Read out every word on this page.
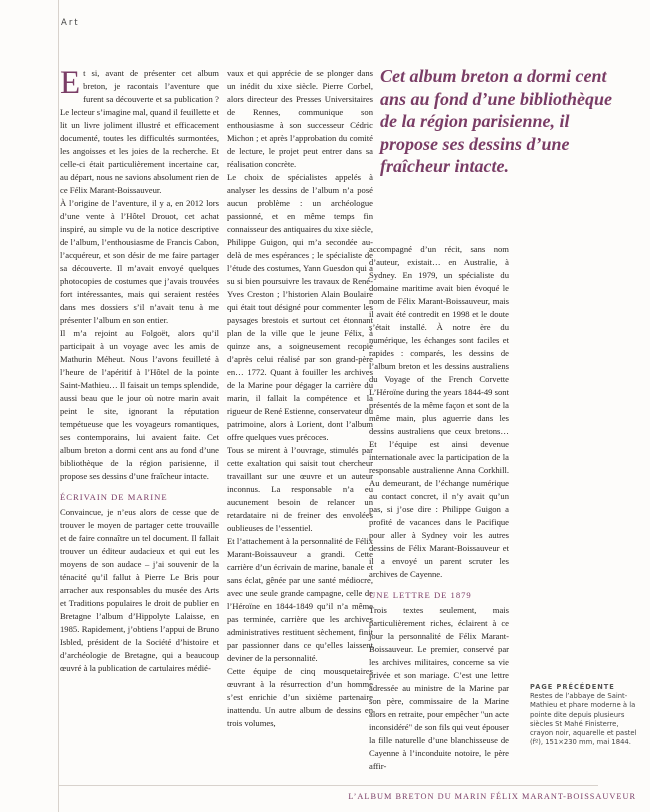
Art

Cet album breton a dormi cent ans au fond d’une bibliothèque de la région parisienne, il propose ses dessins d’une fraîcheur intacte.

Et si, avant de présenter cet album breton, je racontais l’aventure que furent sa découverte et sa publication ? Le lecteur s’imagine mal, quand il feuillette et lit un livre joliment illustré et efficacement documenté, toutes les difficultés surmontées, les angoisses et les joies de la recherche. Et celle-ci était particulièrement incertaine car, au départ, nous ne savions absolument rien de ce Félix Marant-Boissauveur.

À l’origine de l’aventure, il y a, en 2012 lors d’une vente à l’Hôtel Drouot, cet achat inspiré, au simple vu de la notice descriptive de l’album, l’enthousiasme de Francis Cabon, l’acquéreur, et son désir de me faire partager sa découverte. Il m’avait envoyé quelques photocopies de costumes que j’avais trouvées fort intéressantes, mais qui seraient restées dans mes dossiers s’il n’avait tenu à me présenter l’album en son entier.

Il m’a rejoint au Folgoët, alors qu’il participait à un voyage avec les amis de Mathurin Méheut. Nous l’avons feuilleté à l’heure de l’apéritif à l’Hôtel de la pointe Saint-Mathieu… Il faisait un temps splendide, aussi beau que le jour où notre marin avait peint le site, ignorant la réputation tempétueuse que les voyageurs romantiques, ses contemporains, lui avaient faite. Cet album breton a dormi cent ans au fond d’une bibliothèque de la région parisienne, il propose ses dessins d’une fraîcheur intacte.

ÉCRIVAIN DE MARINE

Convaincue, je n’eus alors de cesse que de trouver le moyen de partager cette trouvaille et de faire connaître un tel document. Il fallait trouver un éditeur audacieux et qui eut les moyens de son audace – j’ai souvenir de la ténacité qu’il fallut à Pierre Le Bris pour arracher aux responsables du musée des Arts et Traditions populaires le droit de publier en Bretagne l’album d’Hippolyte Lalaisse, en 1985. Rapidement, j’obtiens l’appui de Bruno Isbled, président de la Société d’histoire et d’archéologie de Bretagne, qui a beaucoup œuvré à la publication de cartulaires médié-

vaux et qui apprécie de se plonger dans un inédit du xixe siècle. Pierre Corbel, alors directeur des Presses Universitaires de Rennes, communique son enthousiasme à son successeur Cédric Michon ; et après l’approbation du comité de lecture, le projet peut entrer dans sa réalisation concrète.

Le choix de spécialistes appelés à analyser les dessins de l’album n’a posé aucun problème : un archéologue passionné, et en même temps fin connaisseur des antiquaires du xixe siècle, Philippe Guigon, qui m’a secondée au-delà de mes espérances ; le spécialiste de l’étude des costumes, Yann Guesdon qui a su si bien poursuivre les travaux de René-Yves Creston ; l’historien Alain Boulaire qui était tout désigné pour commenter les paysages brestois et surtout cet étonnant plan de la ville que le jeune Félix, à quinze ans, a soigneusement recopié d’après celui réalisé par son grand-père en… 1772. Quant à fouiller les archives de la Marine pour dégager la carrière du marin, il fallait la compétence et la rigueur de René Estienne, conservateur du patrimoine, alors à Lorient, dont l’album offre quelques vues précoces.

Tous se mirent à l’ouvrage, stimulés par cette exaltation qui saisit tout chercheur travaillant sur une œuvre et un auteur inconnus. La responsable n’a eu aucunement besoin de relancer un retardataire ni de freiner des envolées oublieuses de l’essentiel.

Et l’attachement à la personnalité de Félix Marant-Boissauveur a grandi. Cette carrière d’un écrivain de marine, banale et sans éclat, gênée par une santé médiocre, avec une seule grande campagne, celle de l’Héroïne en 1844-1849 qu’il n’a même pas terminée, carrière que les archives administratives restituent sèchement, finit par passionner dans ce qu’elles laissent deviner de la personnalité.

Cette équipe de cinq mousquetaires œuvrant à la résurrection d’un homme s’est enrichie d’un sixième partenaire inattendu. Un autre album de dessins en trois volumes,

accompagné d’un récit, sans nom d’auteur, existait… en Australie, à Sydney. En 1979, un spécialiste du domaine maritime avait bien évoqué le nom de Félix Marant-Boissauveur, mais il avait été contredit en 1998 et le doute s’était installé. À notre ère du numérique, les échanges sont faciles et rapides : comparés, les dessins de l’album breton et les dessins australiens du Voyage of the French Corvette L’Héroïne during the years 1844-49 sont présentés de la même façon et sont de la même main, plus aguerrie dans les dessins australiens que ceux bretons… Et l’équipe est ainsi devenue internationale avec la participation de la responsable australienne Anna Corkhill. Au demeurant, de l’échange numérique au contact concret, il n’y avait qu’un pas, si j’ose dire : Philippe Guigon a profité de vacances dans le Pacifique pour aller à Sydney voir les autres dessins de Félix Marant-Boissauveur et il a envoyé un parent scruter les archives de Cayenne.

UNE LETTRE DE 1879

Trois textes seulement, mais particulièrement riches, éclairent à ce jour la personnalité de Félix Marant-Boissauveur. Le premier, conservé par les archives militaires, concerne sa vie privée et son mariage. C’est une lettre adressée au ministre de la Marine par son père, commissaire de la Marine alors en retraite, pour empêcher "un acte inconsidéré" de son fils qui veut épouser la fille naturelle d’une blanchisseuse de Cayenne à l’inconduite notoire, le père affir-

PAGE PRÉCÉDENTE
Restes de l’abbaye de Saint-Mathieu et phare moderne à la pointe dite depuis plusieurs siècles St Mahé Finisterre, crayon noir, aquarelle et pastel (fº), 151×230 mm, mai 1844.
L’ALBUM BRETON DU MARIN FÉLIX MARANT-BOISSAUVEUR
